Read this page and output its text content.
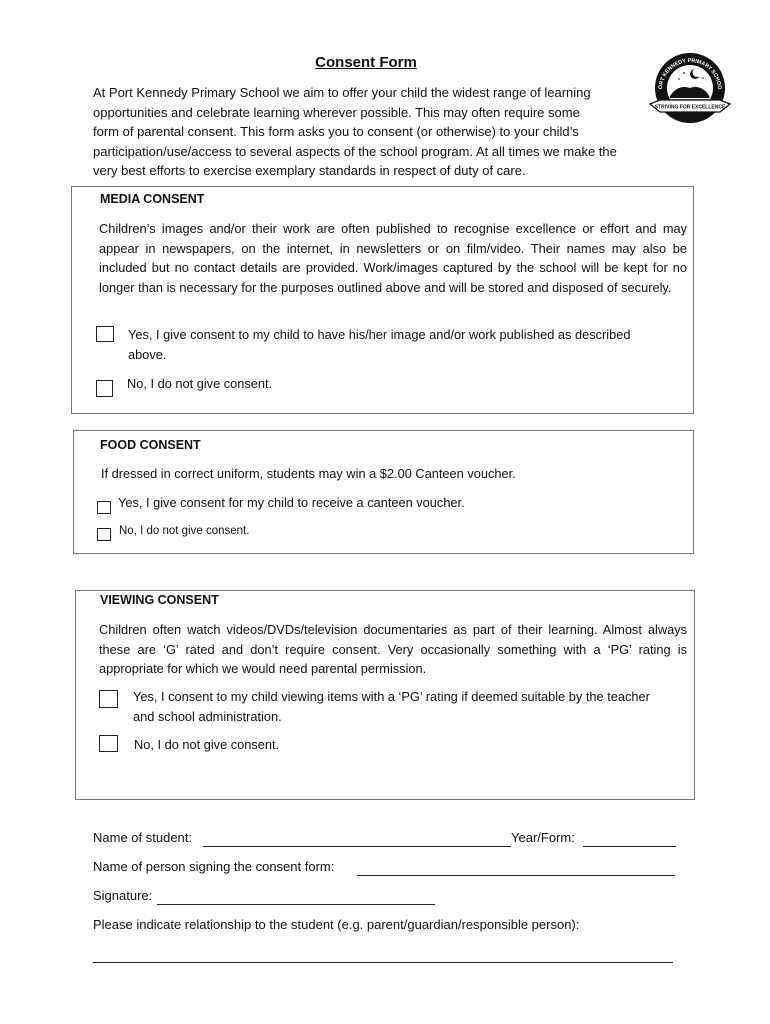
Consent Form
At Port Kennedy Primary School we aim to offer your child the widest range of learning
opportunities and celebrate learning wherever possible. This may often require some
form of parental consent. This form asks you to consent (or otherwise) to your child’s
participation/use/access to several aspects of the school program. At all times we make the
very best efforts to exercise exemplary standards in respect of duty of care.
ORT KENNEDY PRIMARY SCHOO
STRIVING FOR EXCELLENCE
MEDIA CONSENT
Children’s images and/or their work are often published to recognise excellence or effort and may appear in newspapers, on the internet, in newsletters or on film/video. Their names may also be included but no contact details are provided. Work/images captured by the school will be kept for no longer than is necessary for the purposes outlined above and will be stored and disposed of securely.
Yes, I give consent to my child to have his/her image and/or work published as described above.
No, I do not give consent.
FOOD CONSENT
If dressed in correct uniform, students may win a $2.00 Canteen voucher.
Yes, I give consent for my child to receive a canteen voucher.
No, I do not give consent.
VIEWING CONSENT
Children often watch videos/DVDs/television documentaries as part of their learning. Almost always these are ‘G’ rated and don’t require consent. Very occasionally something with a ‘PG’ rating is appropriate for which we would need parental permission.
Yes, I consent to my child viewing items with a ‘PG’ rating if deemed suitable by the teacher and school administration.
No, I do not give consent.
Name of student:	Year/Form:
Name of person signing the consent form:
Signature:
Please indicate relationship to the student (e.g. parent/guardian/responsible person):
